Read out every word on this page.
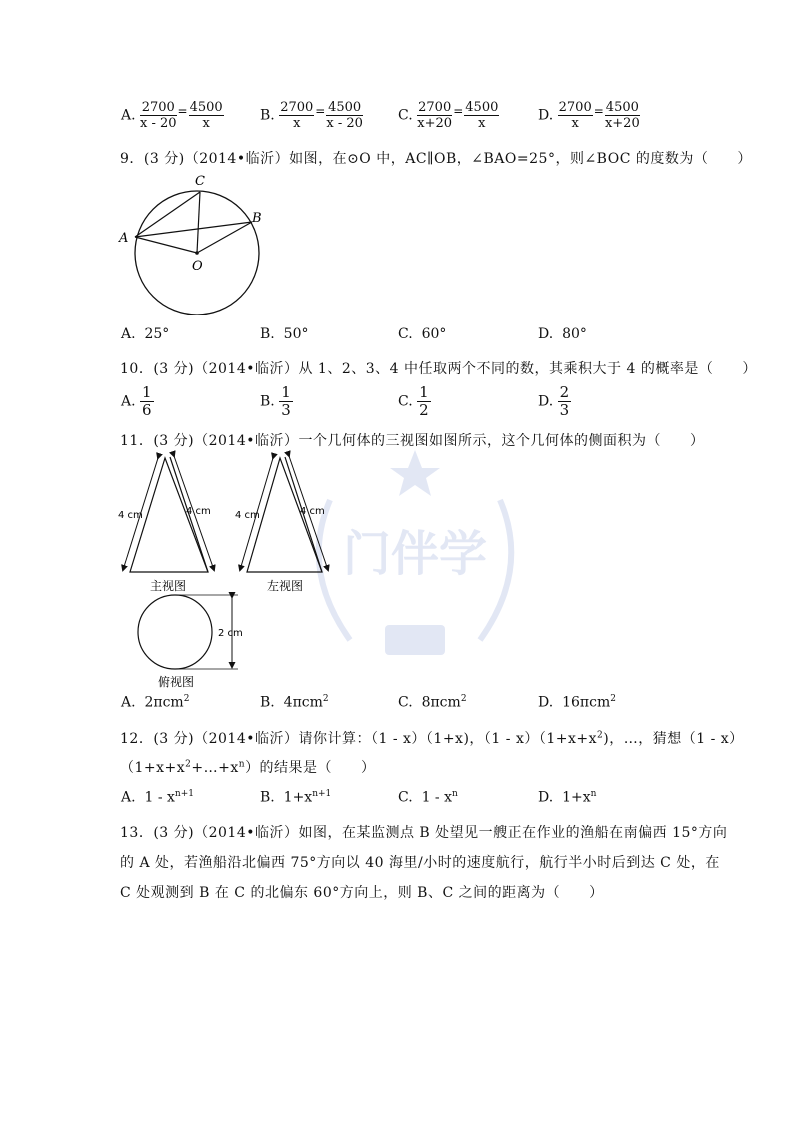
门伴学
A. $\frac{2700}{x - 20} = \frac{4500}{x}$	B. $\frac{2700}{x} = \frac{4500}{x - 20}$	C. $\frac{2700}{x+20} = \frac{4500}{x}$	D. $\frac{2700}{x} = \frac{4500}{x+20}$
9．(3 分)（2014•临沂）如图，在⊙O 中，AC∥OB，∠BAO=25°，则∠BOC 的度数为（　　）
C
A
B
O
A. 25°	B. 50°	C. 60°	D. 80°
10．(3 分)（2014•临沂）从 1、2、3、4 中任取两个不同的数，其乘积大于 4 的概率是（　　）
A. $\frac{1}{6}$	B. $\frac{1}{3}$	C. $\frac{1}{2}$	D. $\frac{2}{3}$
11．(3 分)（2014•临沂）一个几何体的三视图如图所示，这个几何体的侧面积为（　　）
4 cm	4 cm
主视图
4 cm	4 cm
左视图
2 cm
俯视图
A. 2πcm$^2$	B. 4πcm$^2$	C. 8πcm$^2$	D. 16πcm$^2$
12．(3 分)（2014•临沂）请你计算：（1 - x）（1+x)，$(1 - x)(1+x+x^2)$，…，猜想（1 - x）
$(1+x+x^2+\dots+x^n)$的结果是（　　）
A. $1 - x^{n+1}$	B. $1+x^{n+1}$	C. $1 - x^n$	D. $1+x^n$
13．(3 分)（2014•临沂）如图，在某监测点 B 处望见一艘正在作业的渔船在南偏西 15°方向
的 A 处，若渔船沿北偏西 75°方向以 40 海里/小时的速度航行，航行半小时后到达 C 处，在
C 处观测到 B 在 C 的北偏东 60°方向上，则 B、C 之间的距离为（　　）
